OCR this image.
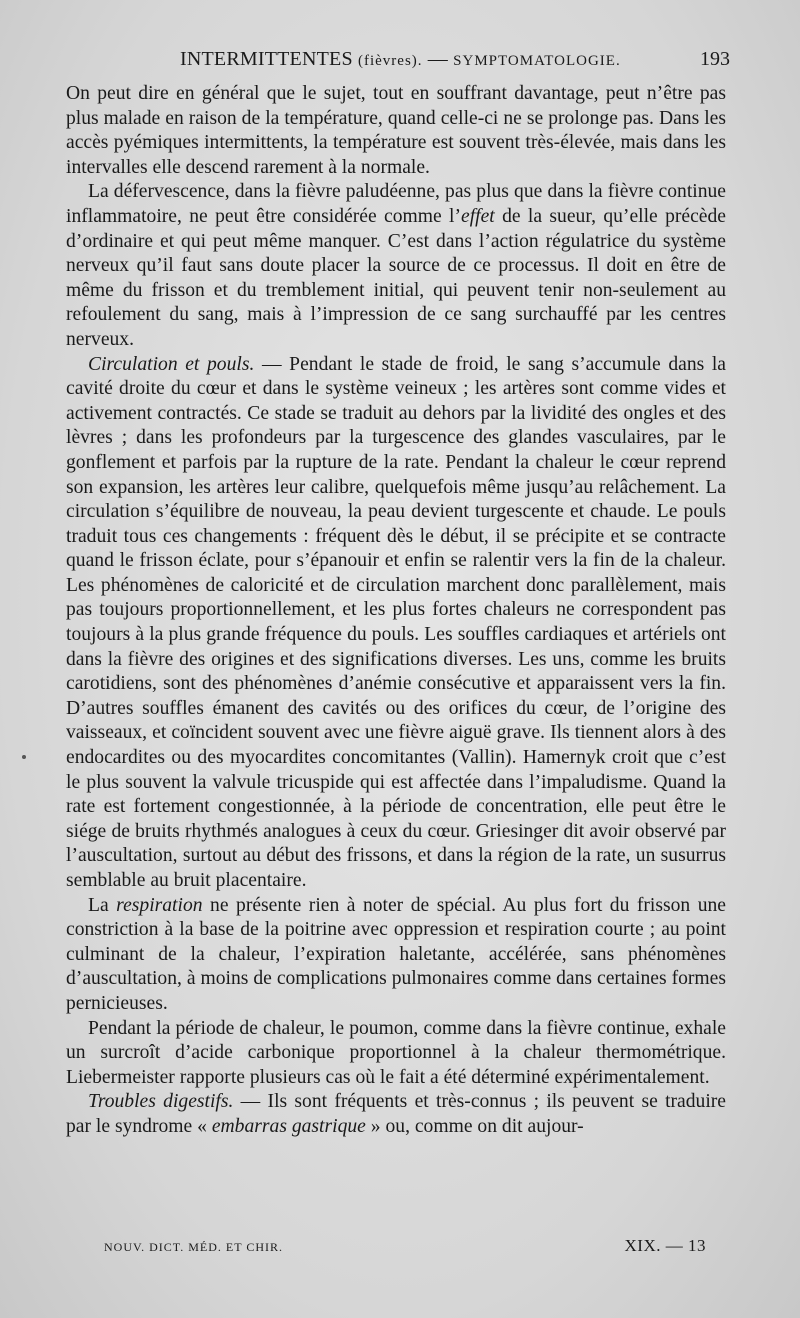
INTERMITTENTES (fièvres). — SYMPTOMATOLOGIE.	193

On peut dire en général que le sujet, tout en souffrant davantage, peut n’être pas plus malade en raison de la température, quand celle-ci ne se prolonge pas. Dans les accès pyémiques intermittents, la température est souvent très-élevée, mais dans les intervalles elle descend rarement à la normale.

La défervescence, dans la fièvre paludéenne, pas plus que dans la fièvre continue inflammatoire, ne peut être considérée comme l’effet de la sueur, qu’elle précède d’ordinaire et qui peut même manquer. C’est dans l’action régulatrice du système nerveux qu’il faut sans doute placer la source de ce processus. Il doit en être de même du frisson et du tremblement initial, qui peuvent tenir non-seulement au refoulement du sang, mais à l’impression de ce sang surchauffé par les centres nerveux.

Circulation et pouls. — Pendant le stade de froid, le sang s’accumule dans la cavité droite du cœur et dans le système veineux ; les artères sont comme vides et activement contractés. Ce stade se traduit au dehors par la lividité des ongles et des lèvres ; dans les profondeurs par la turgescence des glandes vasculaires, par le gonflement et parfois par la rupture de la rate. Pendant la chaleur le cœur reprend son expansion, les artères leur calibre, quelquefois même jusqu’au relâchement. La circulation s’équilibre de nouveau, la peau devient turgescente et chaude. Le pouls traduit tous ces changements : fréquent dès le début, il se précipite et se contracte quand le frisson éclate, pour s’épanouir et enfin se ralentir vers la fin de la chaleur. Les phénomènes de caloricité et de circulation marchent donc parallèlement, mais pas toujours proportionnellement, et les plus fortes chaleurs ne correspondent pas toujours à la plus grande fréquence du pouls. Les souffles cardiaques et artériels ont dans la fièvre des origines et des significations diverses. Les uns, comme les bruits carotidiens, sont des phénomènes d’anémie consécutive et apparaissent vers la fin. D’autres souffles émanent des cavités ou des orifices du cœur, de l’origine des vaisseaux, et coïncident souvent avec une fièvre aiguë grave. Ils tiennent alors à des endocardites ou des myocardites concomitantes (Vallin). Hamernyk croit que c’est le plus souvent la valvule tricuspide qui est affectée dans l’impaludisme. Quand la rate est fortement congestionnée, à la période de concentration, elle peut être le siége de bruits rhythmés analogues à ceux du cœur. Griesinger dit avoir observé par l’auscultation, surtout au début des frissons, et dans la région de la rate, un susurrus semblable au bruit placentaire.

La respiration ne présente rien à noter de spécial. Au plus fort du frisson une constriction à la base de la poitrine avec oppression et respiration courte ; au point culminant de la chaleur, l’expiration haletante, accélérée, sans phénomènes d’auscultation, à moins de complications pulmonaires comme dans certaines formes pernicieuses.

Pendant la période de chaleur, le poumon, comme dans la fièvre continue, exhale un surcroît d’acide carbonique proportionnel à la chaleur thermométrique. Liebermeister rapporte plusieurs cas où le fait a été déterminé expérimentalement.

Troubles digestifs. — Ils sont fréquents et très-connus ; ils peuvent se traduire par le syndrome « embarras gastrique » ou, comme on dit aujour-

NOUV. DICT. MÉD. ET CHIR.	XIX. — 13
